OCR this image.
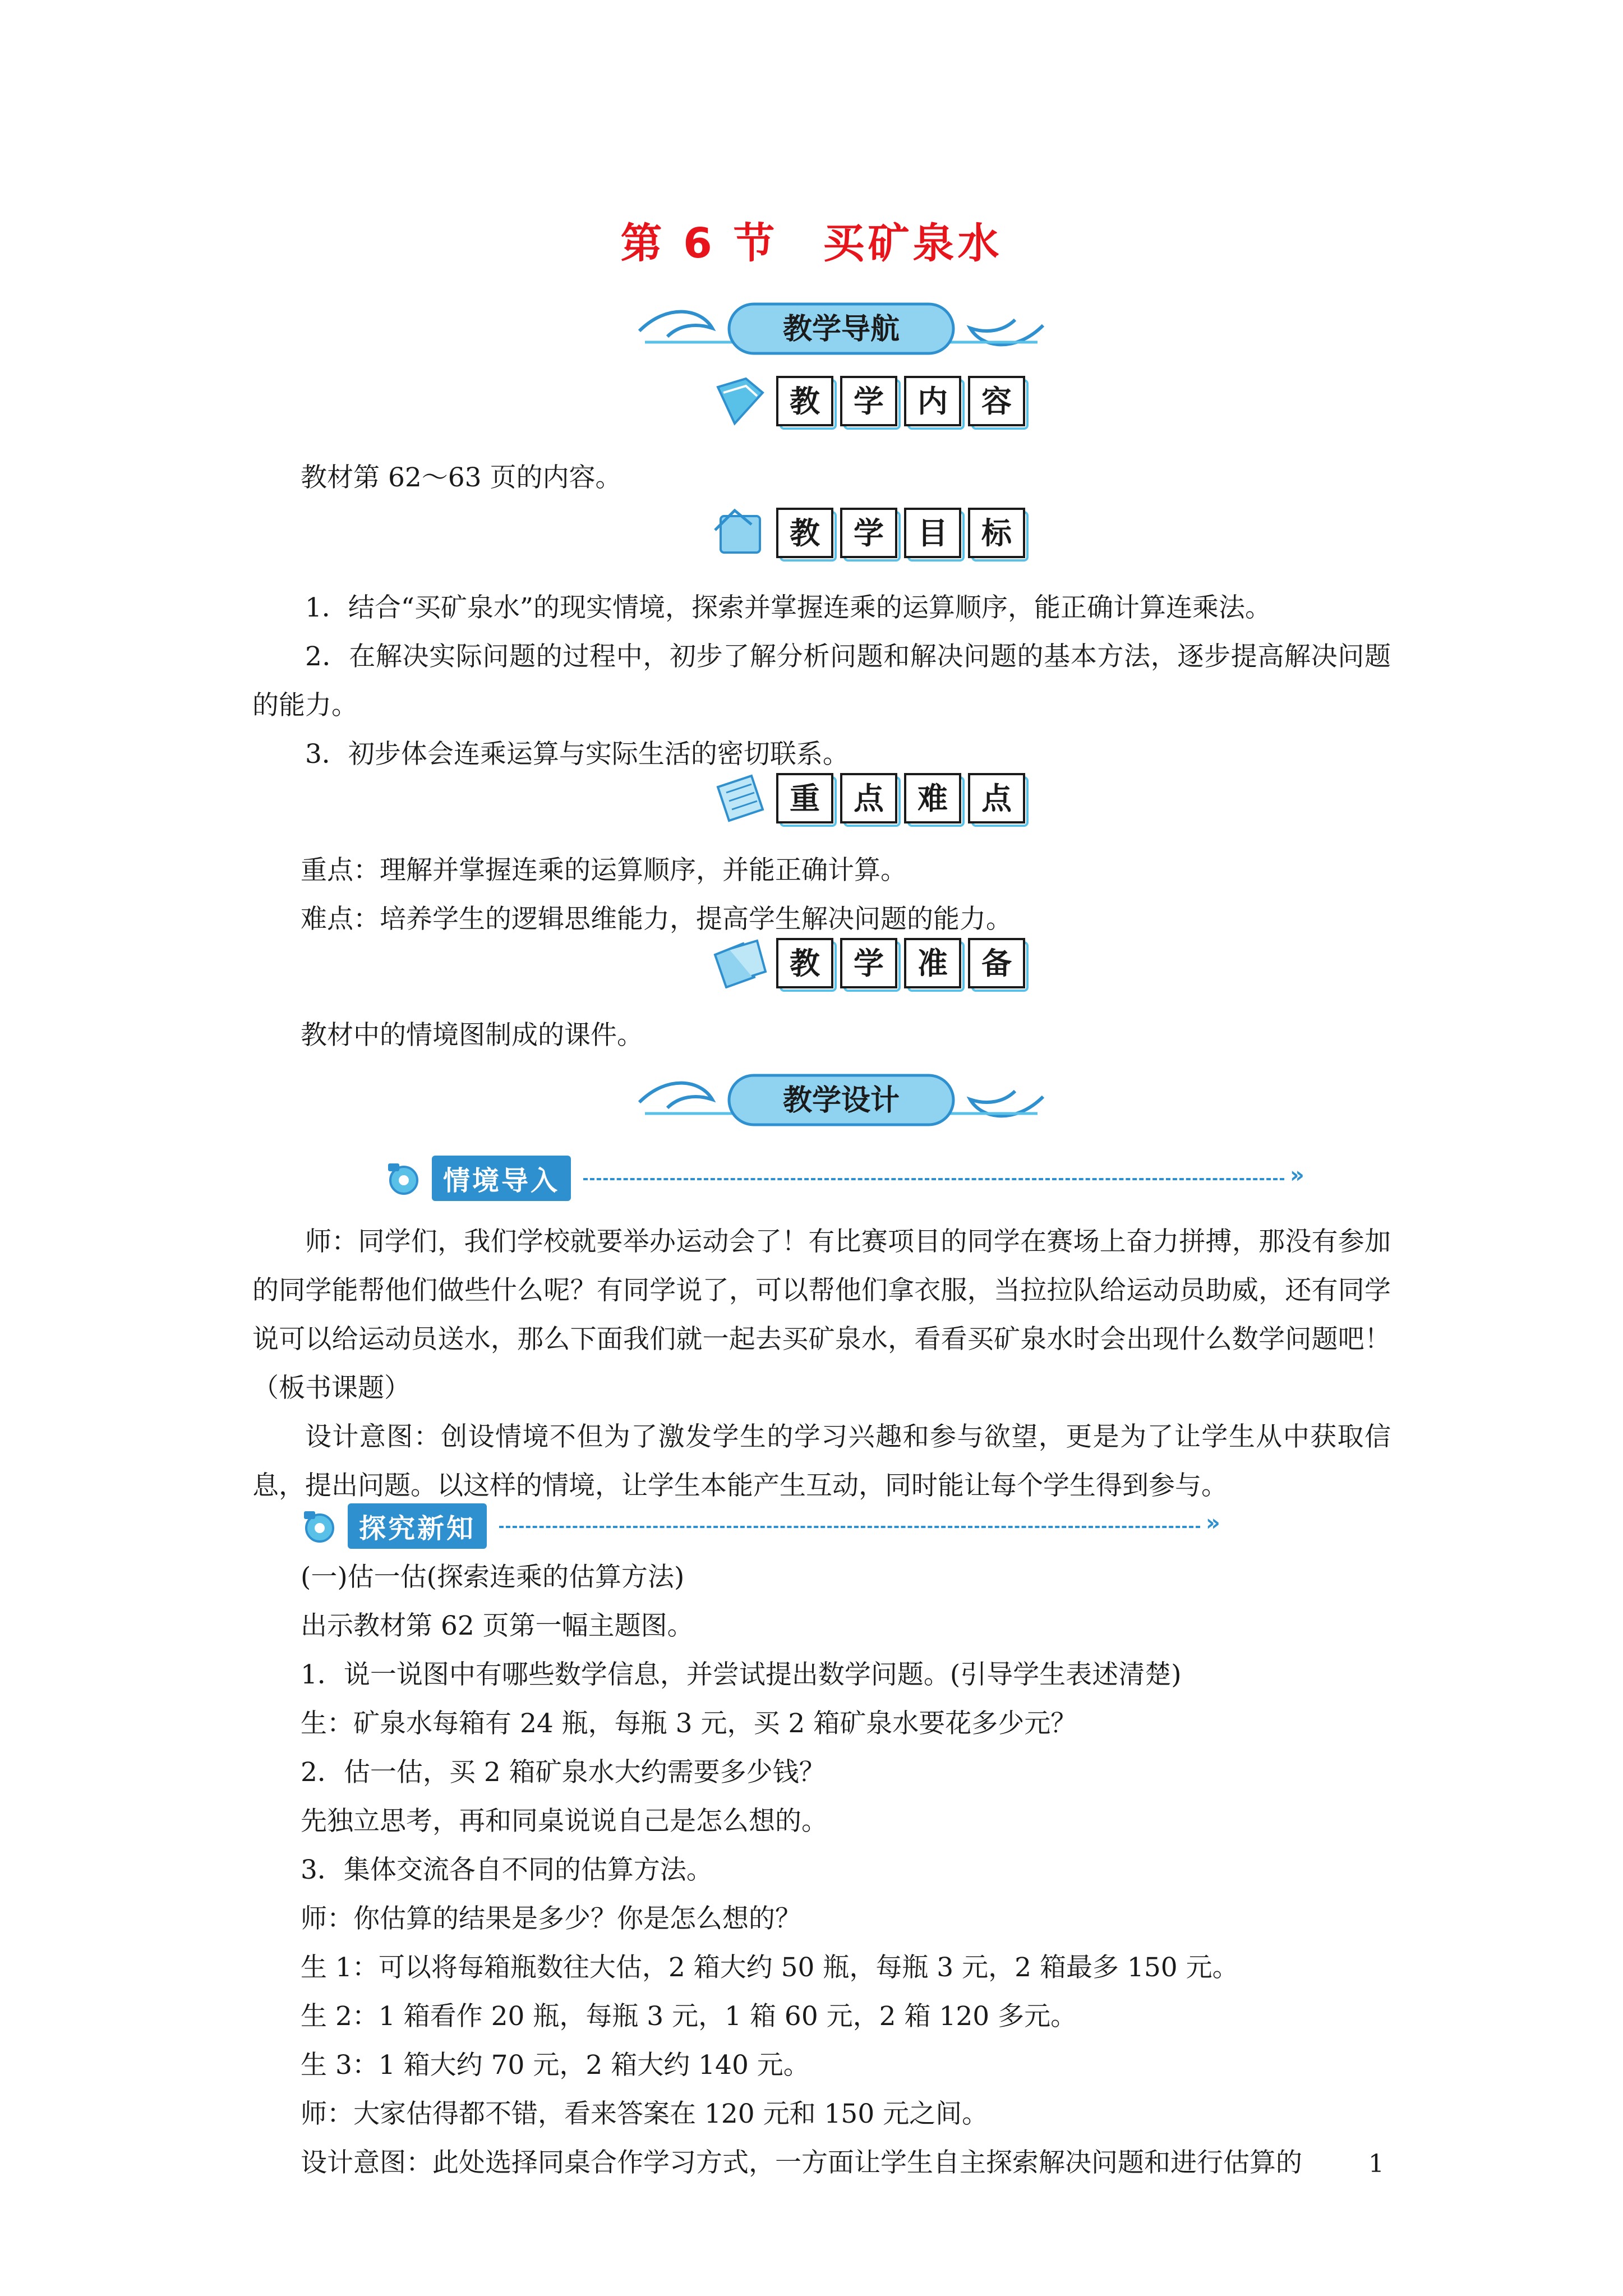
第 6 节　买矿泉水
教学导航
教 学 内 容
教材第 62～63 页的内容。
教 学 目 标
1．结合“买矿泉水”的现实情境，探索并掌握连乘的运算顺序，能正确计算连乘法。
2．在解决实际问题的过程中，初步了解分析问题和解决问题的基本方法，逐步提高解决问题的能力。
3．初步体会连乘运算与实际生活的密切联系。
重 点 难 点
重点：理解并掌握连乘的运算顺序，并能正确计算。
难点：培养学生的逻辑思维能力，提高学生解决问题的能力。
教 学 准 备
教材中的情境图制成的课件。
教学设计
情境导入	»
师：同学们，我们学校就要举办运动会了！有比赛项目的同学在赛场上奋力拼搏，那没有参加的同学能帮他们做些什么呢？有同学说了，可以帮他们拿衣服，当拉拉队给运动员助威，还有同学说可以给运动员送水，那么下面我们就一起去买矿泉水，看看买矿泉水时会出现什么数学问题吧！（板书课题）
设计意图：创设情境不但为了激发学生的学习兴趣和参与欲望，更是为了让学生从中获取信息，提出问题。以这样的情境，让学生本能产生互动，同时能让每个学生得到参与。
探究新知	»
(一)估一估(探索连乘的估算方法)
出示教材第 62 页第一幅主题图。
1．说一说图中有哪些数学信息，并尝试提出数学问题。(引导学生表述清楚)
生：矿泉水每箱有 24 瓶，每瓶 3 元，买 2 箱矿泉水要花多少元？
2．估一估，买 2 箱矿泉水大约需要多少钱？
先独立思考，再和同桌说说自己是怎么想的。
3．集体交流各自不同的估算方法。
师：你估算的结果是多少？你是怎么想的？
生 1：可以将每箱瓶数往大估，2 箱大约 50 瓶，每瓶 3 元，2 箱最多 150 元。
生 2：1 箱看作 20 瓶，每瓶 3 元，1 箱 60 元，2 箱 120 多元。
生 3：1 箱大约 70 元，2 箱大约 140 元。
师：大家估得都不错，看来答案在 120 元和 150 元之间。
设计意图：此处选择同桌合作学习方式，一方面让学生自主探索解决问题和进行估算的	1
